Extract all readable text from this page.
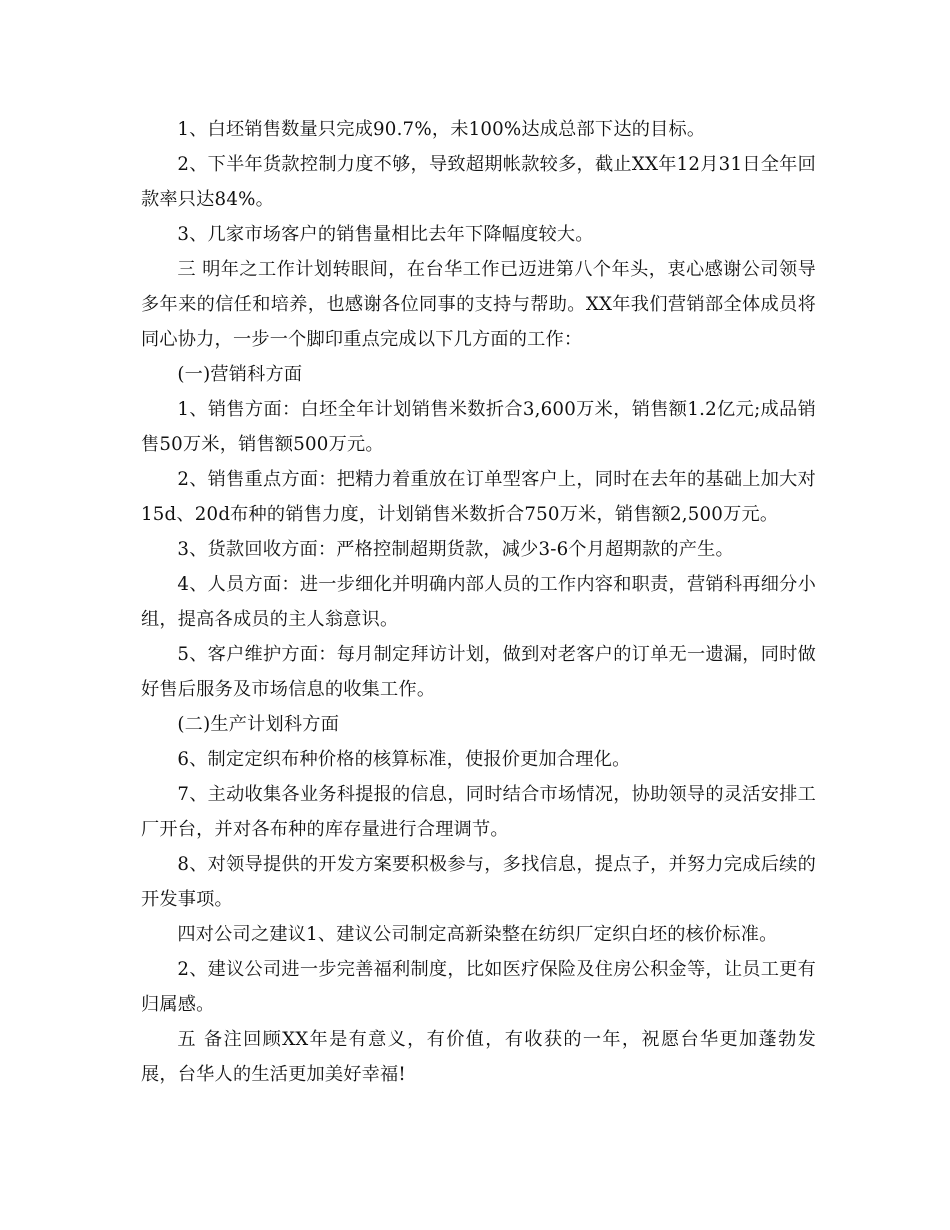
1、白坯销售数量只完成90.7%，未100%达成总部下达的目标。

2、下半年货款控制力度不够，导致超期帐款较多，截止XX年12月31日全年回款率只达84%。

3、几家市场客户的销售量相比去年下降幅度较大。

三 明年之工作计划转眼间，在台华工作已迈进第八个年头，衷心感谢公司领导多年来的信任和培养，也感谢各位同事的支持与帮助。XX年我们营销部全体成员将同心协力，一步一个脚印重点完成以下几方面的工作：

(一)营销科方面

1、销售方面：白坯全年计划销售米数折合3,600万米，销售额1.2亿元;成品销售50万米，销售额500万元。

2、销售重点方面：把精力着重放在订单型客户上，同时在去年的基础上加大对15d、20d布种的销售力度，计划销售米数折合750万米，销售额2,500万元。

3、货款回收方面：严格控制超期货款，减少3-6个月超期款的产生。

4、人员方面：进一步细化并明确内部人员的工作内容和职责，营销科再细分小组，提高各成员的主人翁意识。

5、客户维护方面：每月制定拜访计划，做到对老客户的订单无一遗漏，同时做好售后服务及市场信息的收集工作。

(二)生产计划科方面

6、制定定织布种价格的核算标准，使报价更加合理化。

7、主动收集各业务科提报的信息，同时结合市场情况，协助领导的灵活安排工厂开台，并对各布种的库存量进行合理调节。

8、对领导提供的开发方案要积极参与，多找信息，提点子，并努力完成后续的开发事项。

四对公司之建议1、建议公司制定高新染整在纺织厂定织白坯的核价标准。

2、建议公司进一步完善福利制度，比如医疗保险及住房公积金等，让员工更有归属感。

五 备注回顾XX年是有意义，有价值，有收获的一年，祝愿台华更加蓬勃发展，台华人的生活更加美好幸福!
